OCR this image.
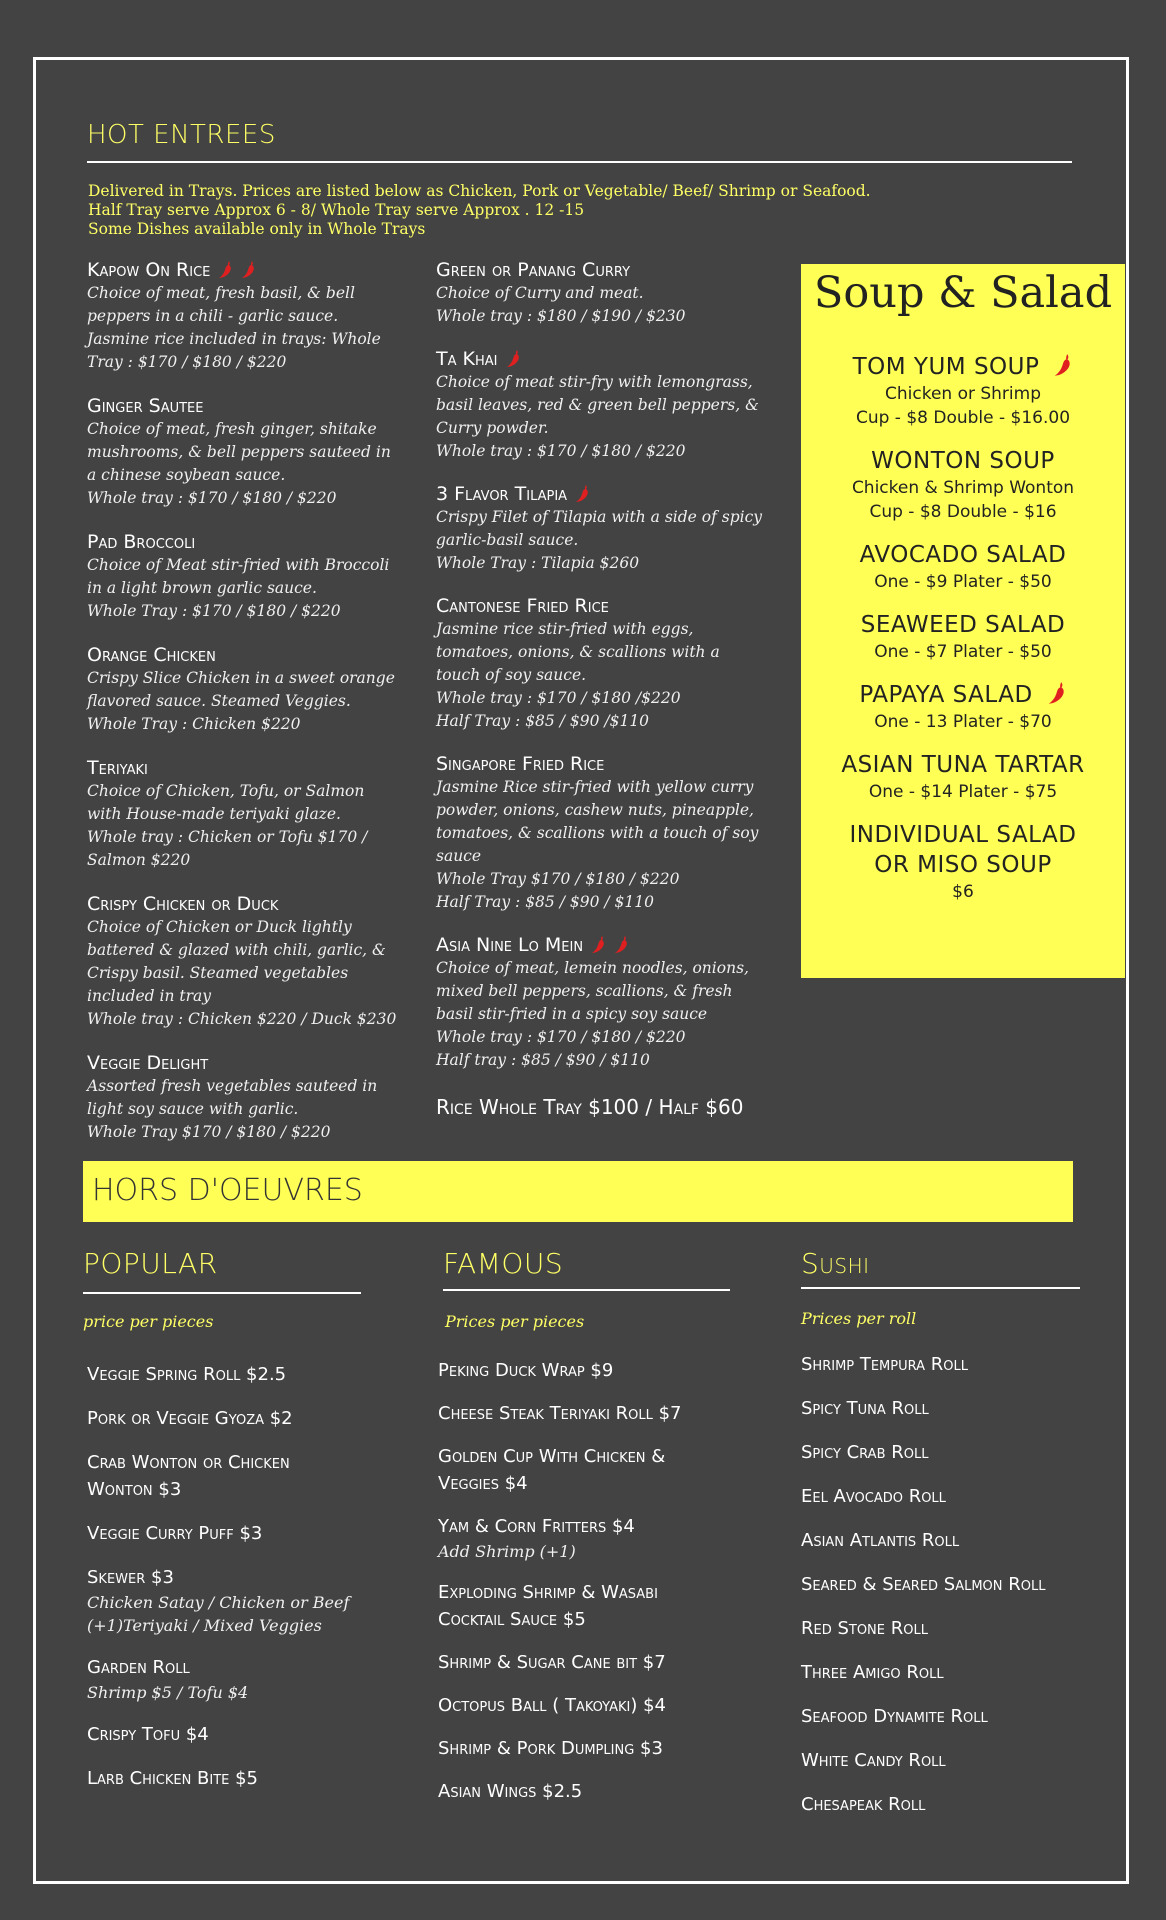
HOT ENTREES
Delivered in Trays. Prices are listed below as Chicken, Pork or Vegetable/ Beef/ Shrimp or Seafood.
Half Tray serve Approx 6 - 8/ Whole Tray serve Approx . 12 -15
Some Dishes available only in Whole Trays
Kapow On Rice
Choice of meat, fresh basil, & bell
peppers in a chili - garlic sauce.
Jasmine rice included in trays: Whole
Tray : $170 / $180 / $220
Ginger Sautee
Choice of meat, fresh ginger, shitake
mushrooms, & bell peppers sauteed in
a chinese soybean sauce.
Whole tray : $170 / $180 / $220
Pad Broccoli
Choice of Meat stir-fried with Broccoli
in a light brown garlic sauce.
Whole Tray : $170 / $180 / $220
Orange Chicken
Crispy Slice Chicken in a sweet orange
flavored sauce. Steamed Veggies.
Whole Tray : Chicken $220
Teriyaki
Choice of Chicken, Tofu, or Salmon
with House-made teriyaki glaze.
Whole tray : Chicken or Tofu $170 /
Salmon $220
Crispy Chicken or Duck
Choice of Chicken or Duck lightly
battered & glazed with chili, garlic, &
Crispy basil. Steamed vegetables
included in tray
Whole tray : Chicken $220 / Duck $230
Veggie Delight
Assorted fresh vegetables sauteed in
light soy sauce with garlic.
Whole Tray $170 / $180 / $220
Green or Panang Curry
Choice of Curry and meat.
Whole tray : $180 / $190 / $230
Ta Khai
Choice of meat stir-fry with lemongrass,
basil leaves, red & green bell peppers, &
Curry powder.
Whole tray : $170 / $180 / $220
3 Flavor Tilapia
Crispy Filet of Tilapia with a side of spicy
garlic-basil sauce.
Whole Tray : Tilapia $260
Cantonese Fried Rice
Jasmine rice stir-fried with eggs,
tomatoes, onions, & scallions with a
touch of soy sauce.
Whole tray : $170 / $180 /$220
Half Tray : $85 / $90 /$110
Singapore Fried Rice
Jasmine Rice stir-fried with yellow curry
powder, onions, cashew nuts, pineapple,
tomatoes, & scallions with a touch of soy
sauce
Whole Tray $170 / $180 / $220
Half Tray : $85 / $90 / $110
Asia Nine Lo Mein
Choice of meat, lemein noodles, onions,
mixed bell peppers, scallions, & fresh
basil stir-fried in a spicy soy sauce
Whole tray : $170 / $180 / $220
Half tray : $85 / $90 / $110
Rice Whole Tray $100 / Half $60
Soup & Salad
TOM YUM SOUP
Chicken or Shrimp
Cup - $8 Double - $16.00
WONTON SOUP
Chicken & Shrimp Wonton
Cup - $8 Double - $16
AVOCADO SALAD
One - $9 Plater - $50
SEAWEED SALAD
One - $7 Plater - $50
PAPAYA SALAD
One - 13 Plater - $70
ASIAN TUNA TARTAR
One - $14 Plater - $75
INDIVIDUAL SALAD
OR MISO SOUP
$6
HORS D'OEUVRES
POPULAR
price per pieces
Veggie Spring Roll $2.5
Pork or Veggie Gyoza $2
Crab Wonton or Chicken
Wonton $3
Veggie Curry Puff $3
Skewer $3
Chicken Satay / Chicken or Beef
(+1)Teriyaki / Mixed Veggies
Garden Roll
Shrimp $5 / Tofu $4
Crispy Tofu $4
Larb Chicken Bite $5
FAMOUS
Prices per pieces
Peking Duck Wrap $9
Cheese Steak Teriyaki Roll $7
Golden Cup With Chicken &
Veggies $4
Yam & Corn Fritters $4
Add Shrimp (+1)
Exploding Shrimp & Wasabi
Cocktail Sauce $5
Shrimp & Sugar Cane bit $7
Octopus Ball ( Takoyaki) $4
Shrimp & Pork Dumpling $3
Asian Wings $2.5
Sushi
Prices per roll
Shrimp Tempura Roll
Spicy Tuna Roll
Spicy Crab Roll
Eel Avocado Roll
Asian Atlantis Roll
Seared & Seared Salmon Roll
Red Stone Roll
Three Amigo Roll
Seafood Dynamite Roll
White Candy Roll
Chesapeak Roll
